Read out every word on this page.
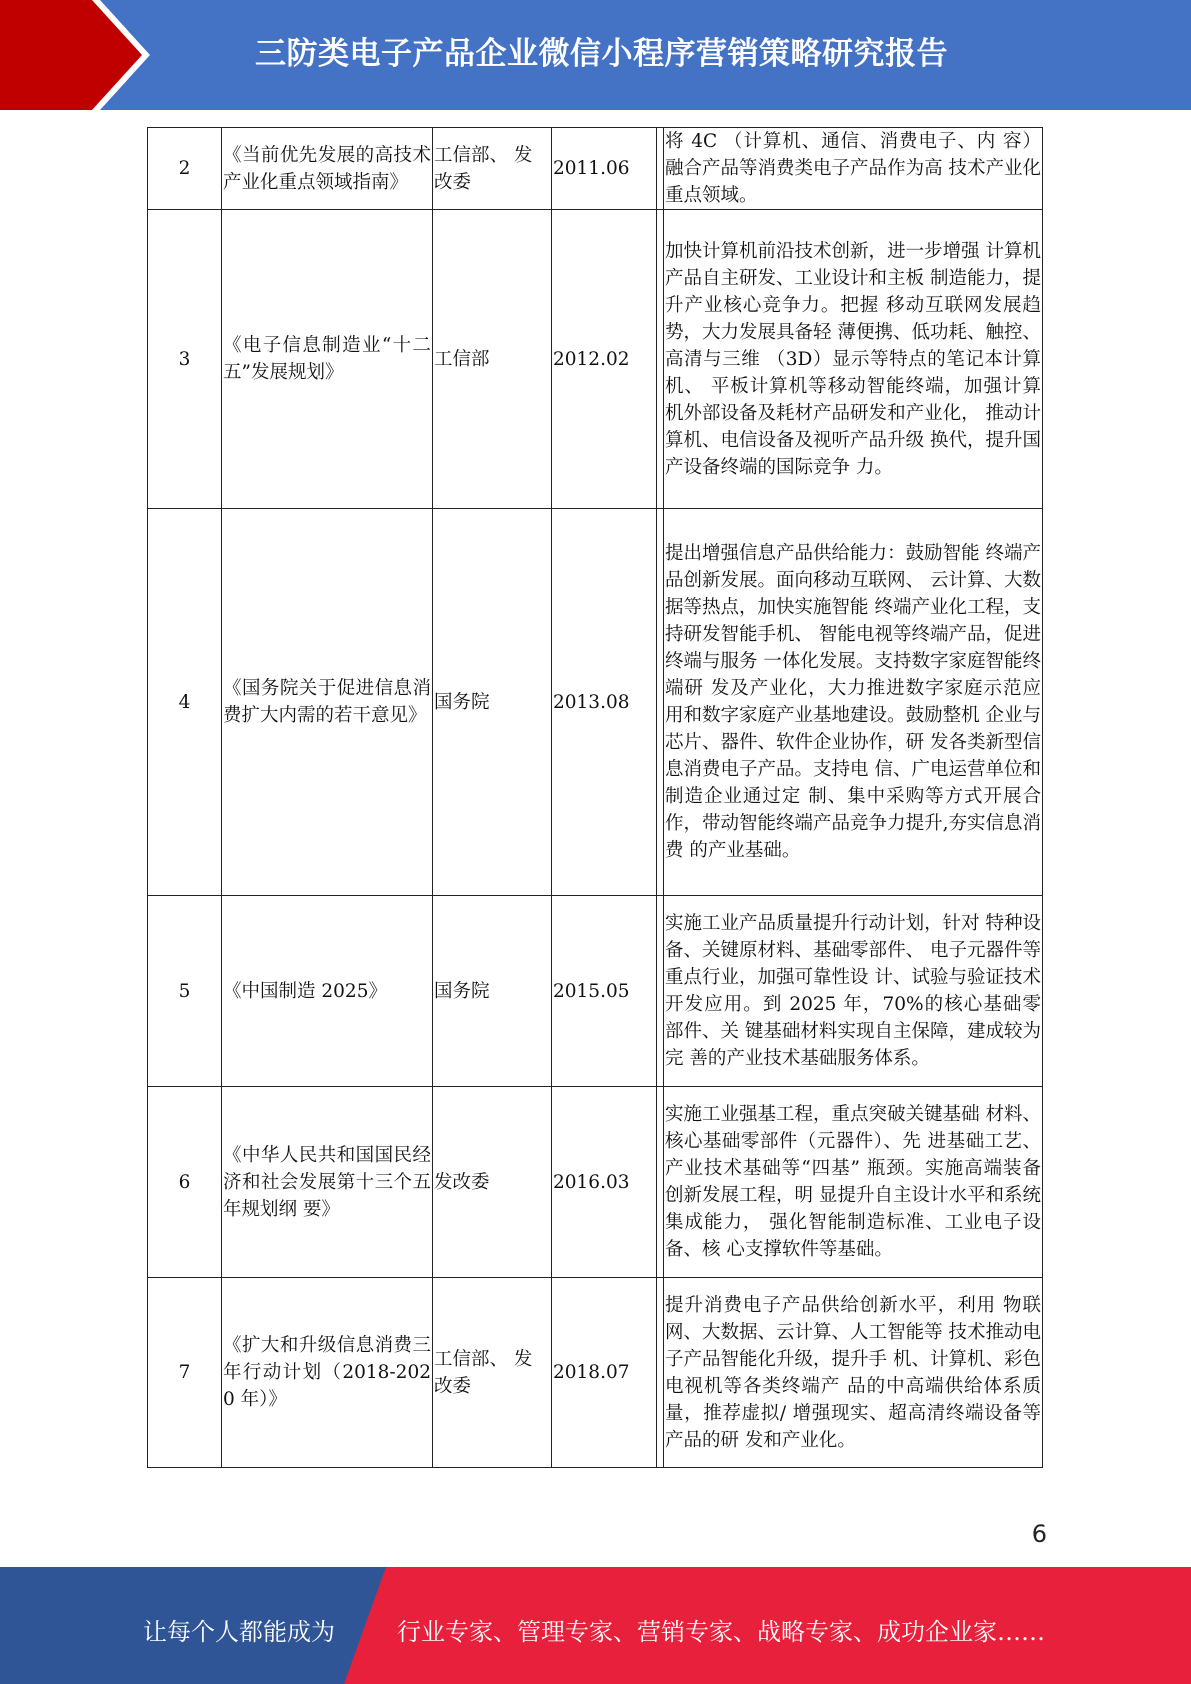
三防类电子产品企业微信小程序营销策略研究报告
2	《当前优先发展的高技术产业化重点领域指南》	工信部、 发改委	2011.06		将 4C （计算机、通信、消费电子、内 容）融合产品等消费类电子产品作为高 技术产业化重点领域。
3	《电子信息制造业“十二五”发展规划》	工信部	2012.02		加快计算机前沿技术创新，进一步增强 计算机产品自主研发、工业设计和主板 制造能力，提升产业核心竞争力。把握 移动互联网发展趋势，大力发展具备轻 薄便携、低功耗、触控、高清与三维 （3D）显示等特点的笔记本计算机、 平板计算机等移动智能终端，加强计算 机外部设备及耗材产品研发和产业化， 推动计算机、电信设备及视听产品升级 换代，提升国产设备终端的国际竞争 力。
4	《国务院关于促进信息消费扩大内需的若干意见》	国务院	2013.08		提出增强信息产品供给能力：鼓励智能 终端产品创新发展。面向移动互联网、 云计算、大数据等热点，加快实施智能 终端产业化工程，支持研发智能手机、 智能电视等终端产品，促进终端与服务 一体化发展。支持数字家庭智能终端研 发及产业化，大力推进数字家庭示范应 用和数字家庭产业基地建设。鼓励整机 企业与芯片、器件、软件企业协作，研 发各类新型信息消费电子产品。支持电 信、广电运营单位和制造企业通过定 制、集中采购等方式开展合作，带动智能终端产品竞争力提升,夯实信息消费 的产业基础。
5	《中国制造 2025》	国务院	2015.05		实施工业产品质量提升行动计划，针对 特种设备、关键原材料、基础零部件、 电子元器件等重点行业，加强可靠性设 计、试验与验证技术开发应用。到 2025 年，70%的核心基础零部件、关 键基础材料实现自主保障，建成较为完 善的产业技术基础服务体系。
6	《中华人民共和国国民经济和社会发展第十三个五年规划纲 要》	发改委	2016.03		实施工业强基工程，重点突破关键基础 材料、核心基础零部件（元器件）、先 进基础工艺、产业技术基础等“四基” 瓶颈。实施高端装备创新发展工程，明 显提升自主设计水平和系统集成能力， 强化智能制造标准、工业电子设备、核 心支撑软件等基础。
7	《扩大和升级信息消费三年行动计划（2018-2020 年）》	工信部、 发改委	2018.07		提升消费电子产品供给创新水平，利用 物联网、大数据、云计算、人工智能等 技术推动电子产品智能化升级，提升手 机、计算机、彩色电视机等各类终端产 品的中高端供给体系质量，推荐虚拟/ 增强现实、超高清终端设备等产品的研 发和产业化。
6
让每个人都能成为	行业专家、管理专家、营销专家、战略专家、成功企业家……
